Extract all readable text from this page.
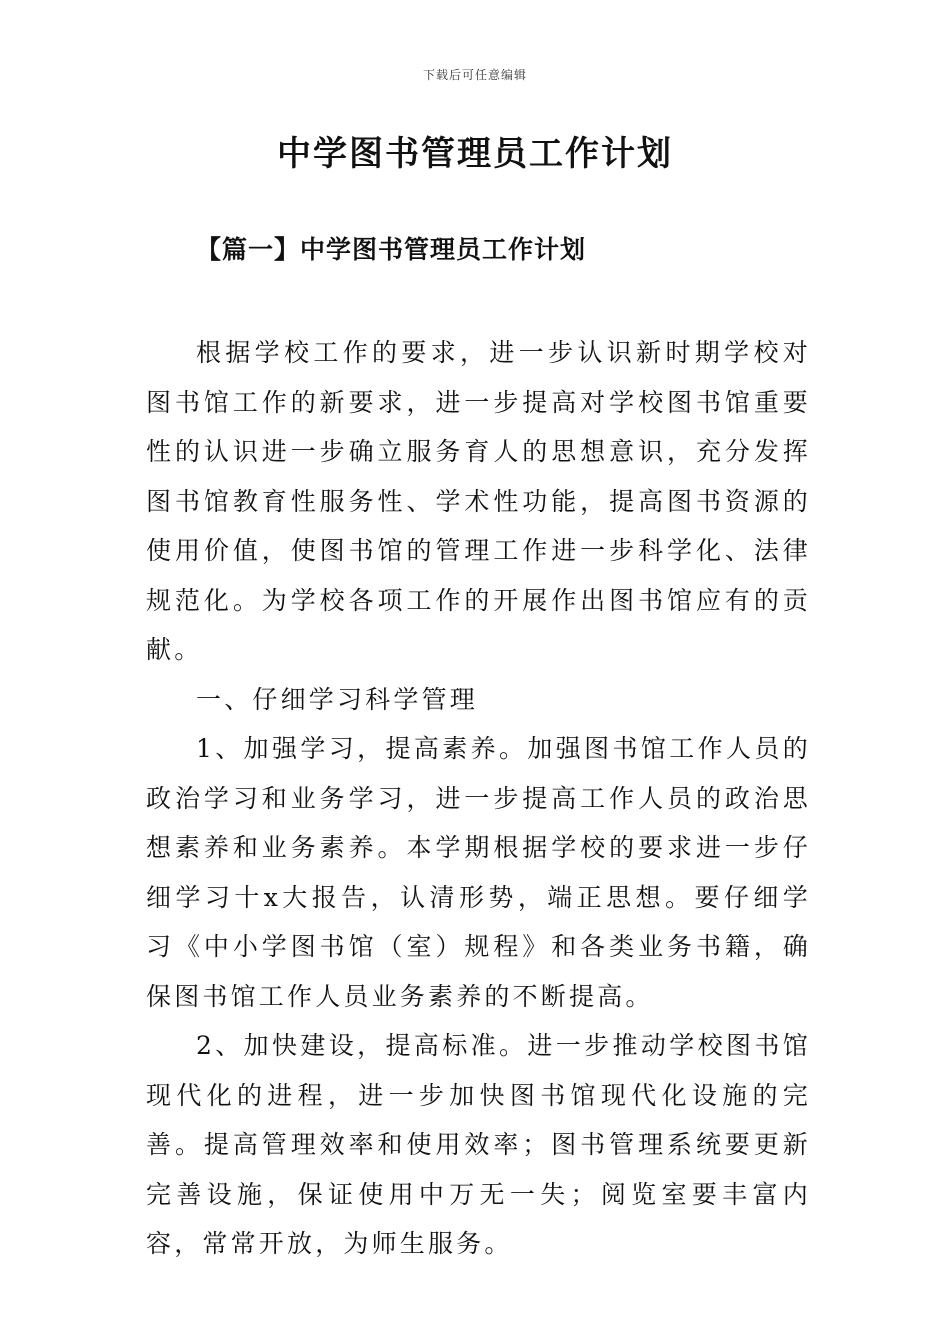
下载后可任意编辑
中学图书管理员工作计划
【篇一】中学图书管理员工作计划

根据学校工作的要求，进一步认识新时期学校对图书馆工作的新要求，进一步提高对学校图书馆重要性的认识进一步确立服务育人的思想意识，充分发挥图书馆教育性服务性、学术性功能，提高图书资源的使用价值，使图书馆的管理工作进一步科学化、法律规范化。为学校各项工作的开展作出图书馆应有的贡献。

一、仔细学习科学管理

1、加强学习，提高素养。加强图书馆工作人员的政治学习和业务学习，进一步提高工作人员的政治思想素养和业务素养。本学期根据学校的要求进一步仔细学习十x大报告，认清形势，端正思想。要仔细学习《中小学图书馆（室）规程》和各类业务书籍，确保图书馆工作人员业务素养的不断提高。

2、加快建设，提高标准。进一步推动学校图书馆现代化的进程，进一步加快图书馆现代化设施的完善。提高管理效率和使用效率；图书管理系统要更新完善设施，保证使用中万无一失；阅览室要丰富内容，常常开放，为师生服务。
